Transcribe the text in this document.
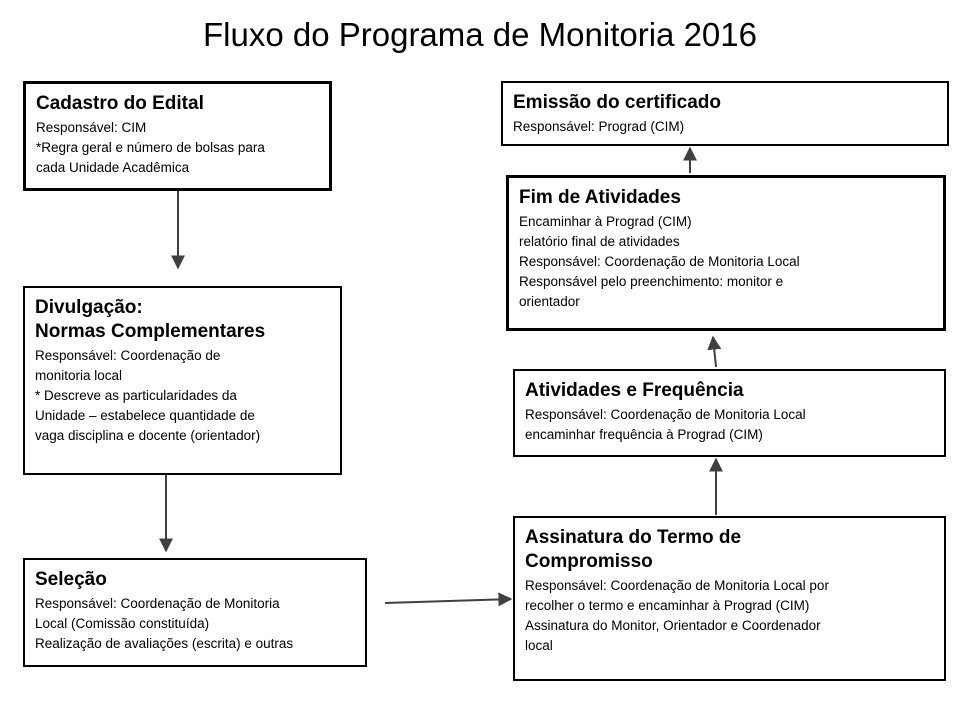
Fluxo do Programa de Monitoria 2016
Cadastro do Edital
Responsável: CIM
*Regra geral e número de bolsas para
cada Unidade Acadêmica
Divulgação:
Normas Complementares
Responsável: Coordenação de
monitoria local
* Descreve as particularidades da
Unidade – estabelece quantidade de
vaga disciplina e docente (orientador)
Seleção
Responsável: Coordenação de Monitoria
Local (Comissão constituída)
Realização de avaliações (escrita) e outras
Emissão do certificado
Responsável: Prograd (CIM)
Fim de Atividades
Encaminhar à Prograd (CIM)
relatório final de atividades
Responsável: Coordenação de Monitoria Local
Responsável pelo preenchimento: monitor e
orientador
Atividades e Frequência
Responsável: Coordenação de Monitoria Local
encaminhar frequência à Prograd (CIM)
Assinatura do Termo de
Compromisso
Responsável: Coordenação de Monitoria Local por
recolher o termo e encaminhar à Prograd (CIM)
Assinatura do Monitor, Orientador e Coordenador
local
